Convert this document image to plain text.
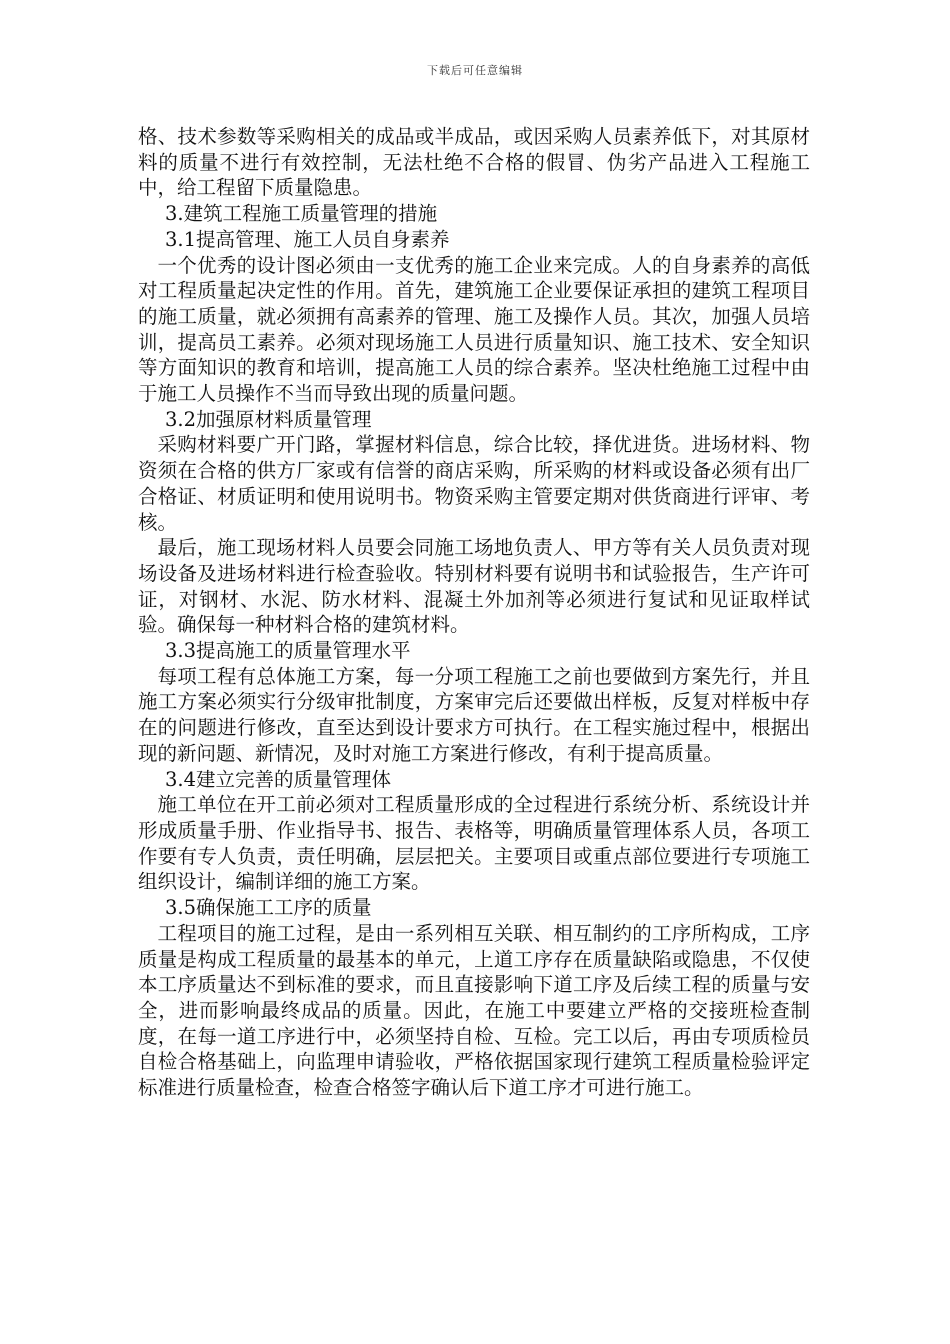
下载后可任意编辑

格、技术参数等采购相关的成品或半成品，或因采购人员素养低下，对其原材料的质量不进行有效控制，无法杜绝不合格的假冒、伪劣产品进入工程施工中，给工程留下质量隐患。

3.建筑工程施工质量管理的措施
3.1提高管理、施工人员自身素养

一个优秀的设计图必须由一支优秀的施工企业来完成。人的自身素养的高低对工程质量起决定性的作用。首先，建筑施工企业要保证承担的建筑工程项目的施工质量，就必须拥有高素养的管理、施工及操作人员。其次，加强人员培训，提高员工素养。必须对现场施工人员进行质量知识、施工技术、安全知识等方面知识的教育和培训，提高施工人员的综合素养。坚决杜绝施工过程中由于施工人员操作不当而导致出现的质量问题。

3.2加强原材料质量管理

采购材料要广开门路，掌握材料信息，综合比较，择优进货。进场材料、物资须在合格的供方厂家或有信誉的商店采购，所采购的材料或设备必须有出厂合格证、材质证明和使用说明书。物资采购主管要定期对供货商进行评审、考核。

最后，施工现场材料人员要会同施工场地负责人、甲方等有关人员负责对现场设备及进场材料进行检查验收。特别材料要有说明书和试验报告，生产许可证，对钢材、水泥、防水材料、混凝土外加剂等必须进行复试和见证取样试验。确保每一种材料合格的建筑材料。

3.3提高施工的质量管理水平

每项工程有总体施工方案，每一分项工程施工之前也要做到方案先行，并且施工方案必须实行分级审批制度，方案审完后还要做出样板，反复对样板中存在的问题进行修改，直至达到设计要求方可执行。在工程实施过程中，根据出现的新问题、新情况，及时对施工方案进行修改，有利于提高质量。

3.4建立完善的质量管理体

施工单位在开工前必须对工程质量形成的全过程进行系统分析、系统设计并形成质量手册、作业指导书、报告、表格等，明确质量管理体系人员，各项工作要有专人负责，责任明确，层层把关。主要项目或重点部位要进行专项施工组织设计，编制详细的施工方案。

3.5确保施工工序的质量

工程项目的施工过程，是由一系列相互关联、相互制约的工序所构成，工序质量是构成工程质量的最基本的单元，上道工序存在质量缺陷或隐患，不仅使本工序质量达不到标准的要求，而且直接影响下道工序及后续工程的质量与安全，进而影响最终成品的质量。因此，在施工中要建立严格的交接班检查制度，在每一道工序进行中，必须坚持自检、互检。完工以后，再由专项质检员自检合格基础上，向监理申请验收，严格依据国家现行建筑工程质量检验评定标准进行质量检查，检查合格签字确认后下道工序才可进行施工。
